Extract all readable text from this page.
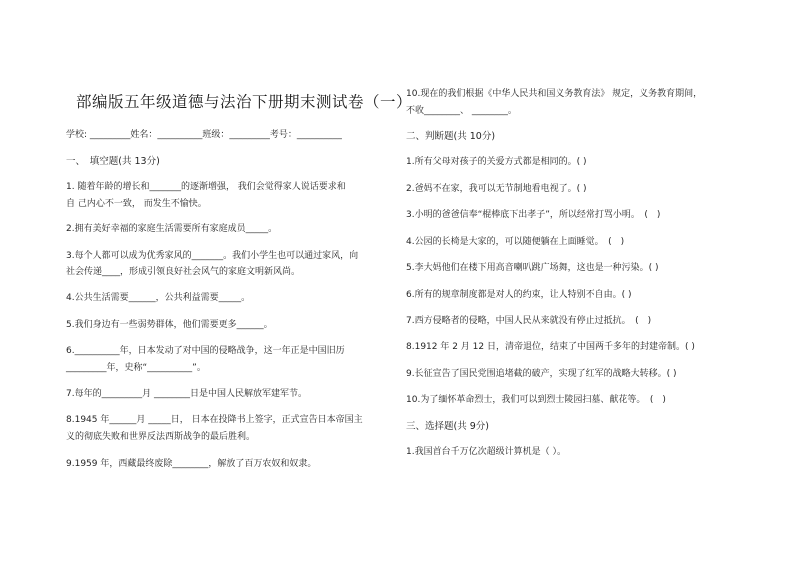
部编版五年级道德与法治下册期末测试卷（一）
学校: _________姓名：__________班级：_________考号：__________
一、　填空题(共 13分)
1. 随着年龄的增长和_______的逐渐增强， 我们会觉得家人说话要求和
自 己内心不一致， 而发生不愉快。
2.拥有美好幸福的家庭生活需要所有家庭成员_____。
3.每个人都可以成为优秀家风的_______。我们小学生也可以通过家风，向
社会传递____，形成引领良好社会风气的家庭文明新风尚。
4.公共生活需要______，公共利益需要_____。
5.我们身边有一些弱势群体，他们需要更多______。
6.__________年，日本发动了对中国的侵略战争，这一年正是中国旧历
_________年，史称“__________”。
7.每年的_________月 ________日是中国人民解放军建军节。
8.1945 年______月 _____日， 日本在投降书上签字，正式宣告日本帝国主
义的彻底失败和世界反法西斯战争的最后胜利。
9.1959 年，西藏最终废除________，解放了百万农奴和奴隶。
10.现在的我们根据《中华人民共和国义务教育法》 规定，义务教育期间，
不收________、 ________。
二、判断题(共 10分)
1.所有父母对孩子的关爱方式都是相同的。( )
2.爸妈不在家，我可以无节制地看电视了。( )
3.小明的爸爸信奉“棍棒底下出孝子”，所以经常打骂小明。　(　)
4.公园的长椅是大家的，可以随便躺在上面睡觉。　(　)
5.李大妈他们在楼下用高音喇叭跳广场舞，这也是一种污染。( )
6.所有的规章制度都是对人的约束，让人特别不自由。( )
7.西方侵略者的侵略，中国人民从来就没有停止过抵抗。　(　)
8.1912 年 2 月 12 日，清帝退位，结束了中国两千多年的封建帝制。( )
9.长征宣告了国民党围追堵截的破产，实现了红军的战略大转移。( )
10.为了缅怀革命烈士，我们可以到烈士陵园扫墓、献花等。　(　)
三、选择题(共 9分)
1.我国首台千万亿次超级计算机是（ ）。
